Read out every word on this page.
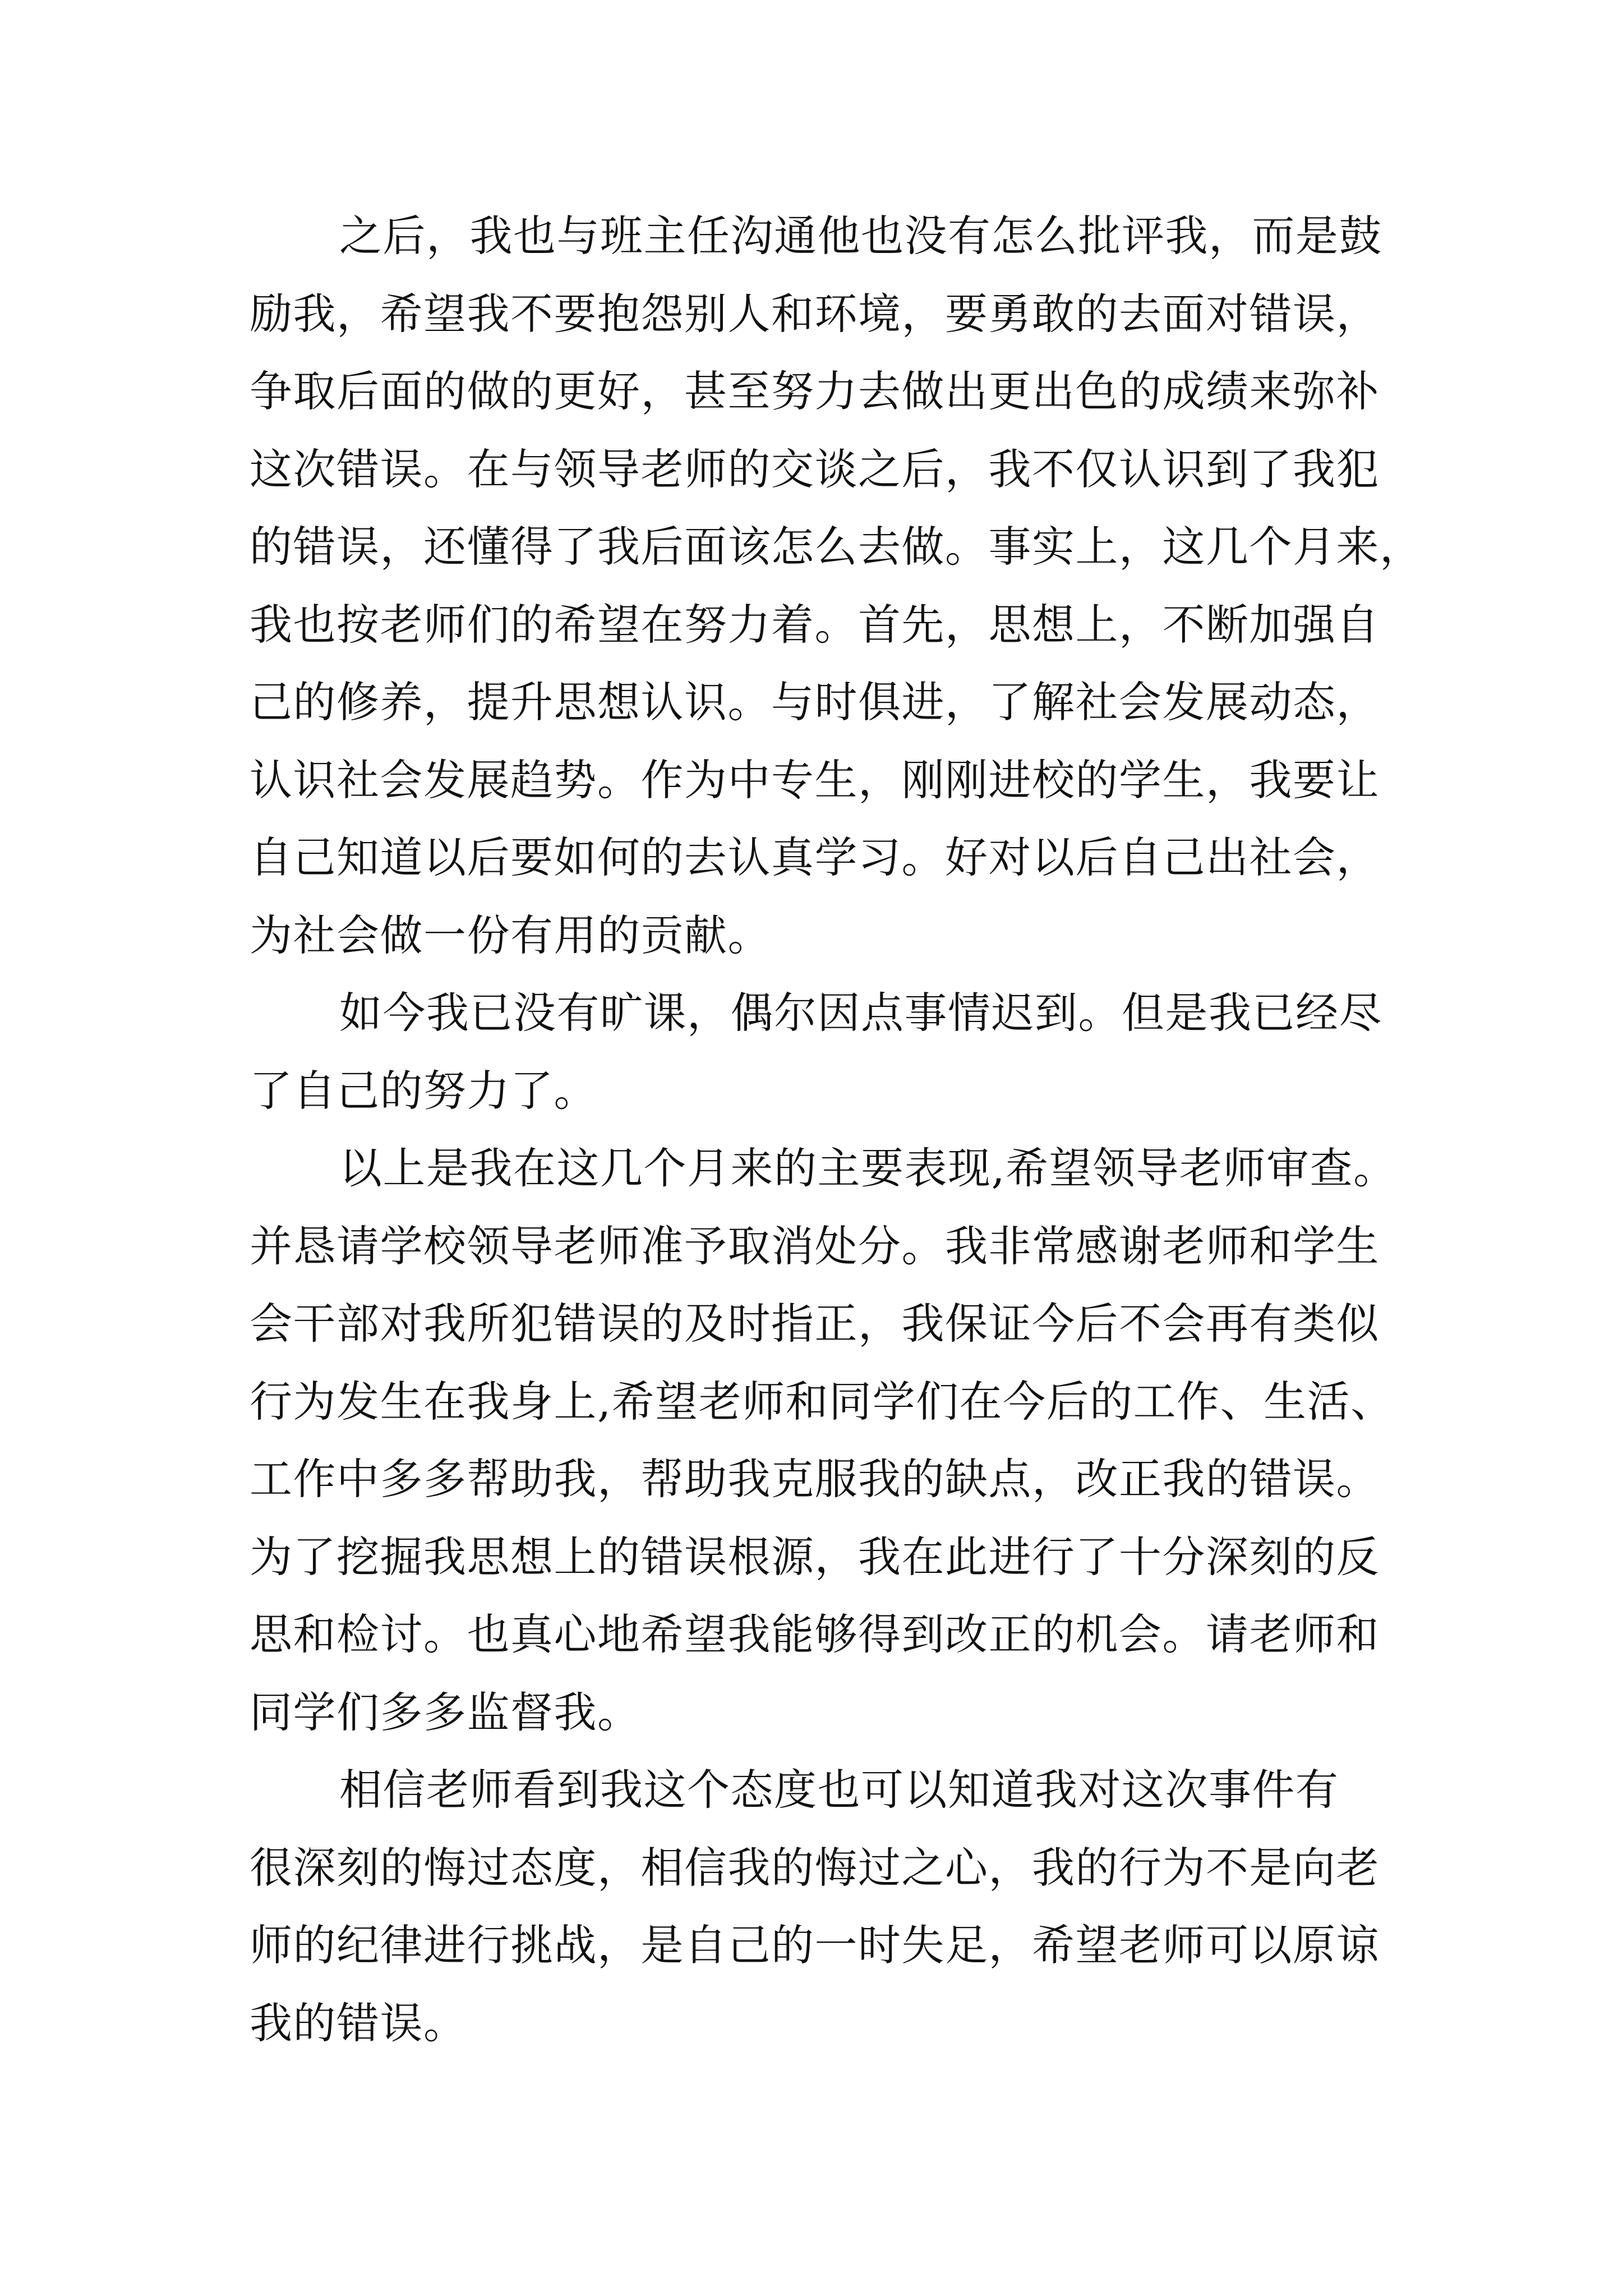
之后，我也与班主任沟通他也没有怎么批评我，而是鼓
励我，希望我不要抱怨别人和环境，要勇敢的去面对错误，
争取后面的做的更好，甚至努力去做出更出色的成绩来弥补
这次错误。在与领导老师的交谈之后，我不仅认识到了我犯
的错误，还懂得了我后面该怎么去做。事实上，这几个月来，
我也按老师们的希望在努力着。首先，思想上，不断加强自
己的修养，提升思想认识。与时俱进，了解社会发展动态，
认识社会发展趋势。作为中专生，刚刚进校的学生，我要让
自己知道以后要如何的去认真学习。好对以后自己出社会，
为社会做一份有用的贡献。
如今我已没有旷课，偶尔因点事情迟到。但是我已经尽
了自己的努力了。
以上是我在这几个月来的主要表现,希望领导老师审查。
并恳请学校领导老师准予取消处分。我非常感谢老师和学生
会干部对我所犯错误的及时指正，我保证今后不会再有类似
行为发生在我身上,希望老师和同学们在今后的工作、生活、
工作中多多帮助我，帮助我克服我的缺点，改正我的错误。
为了挖掘我思想上的错误根源，我在此进行了十分深刻的反
思和检讨。也真心地希望我能够得到改正的机会。请老师和
同学们多多监督我。
相信老师看到我这个态度也可以知道我对这次事件有
很深刻的悔过态度，相信我的悔过之心，我的行为不是向老
师的纪律进行挑战，是自己的一时失足，希望老师可以原谅
我的错误。
